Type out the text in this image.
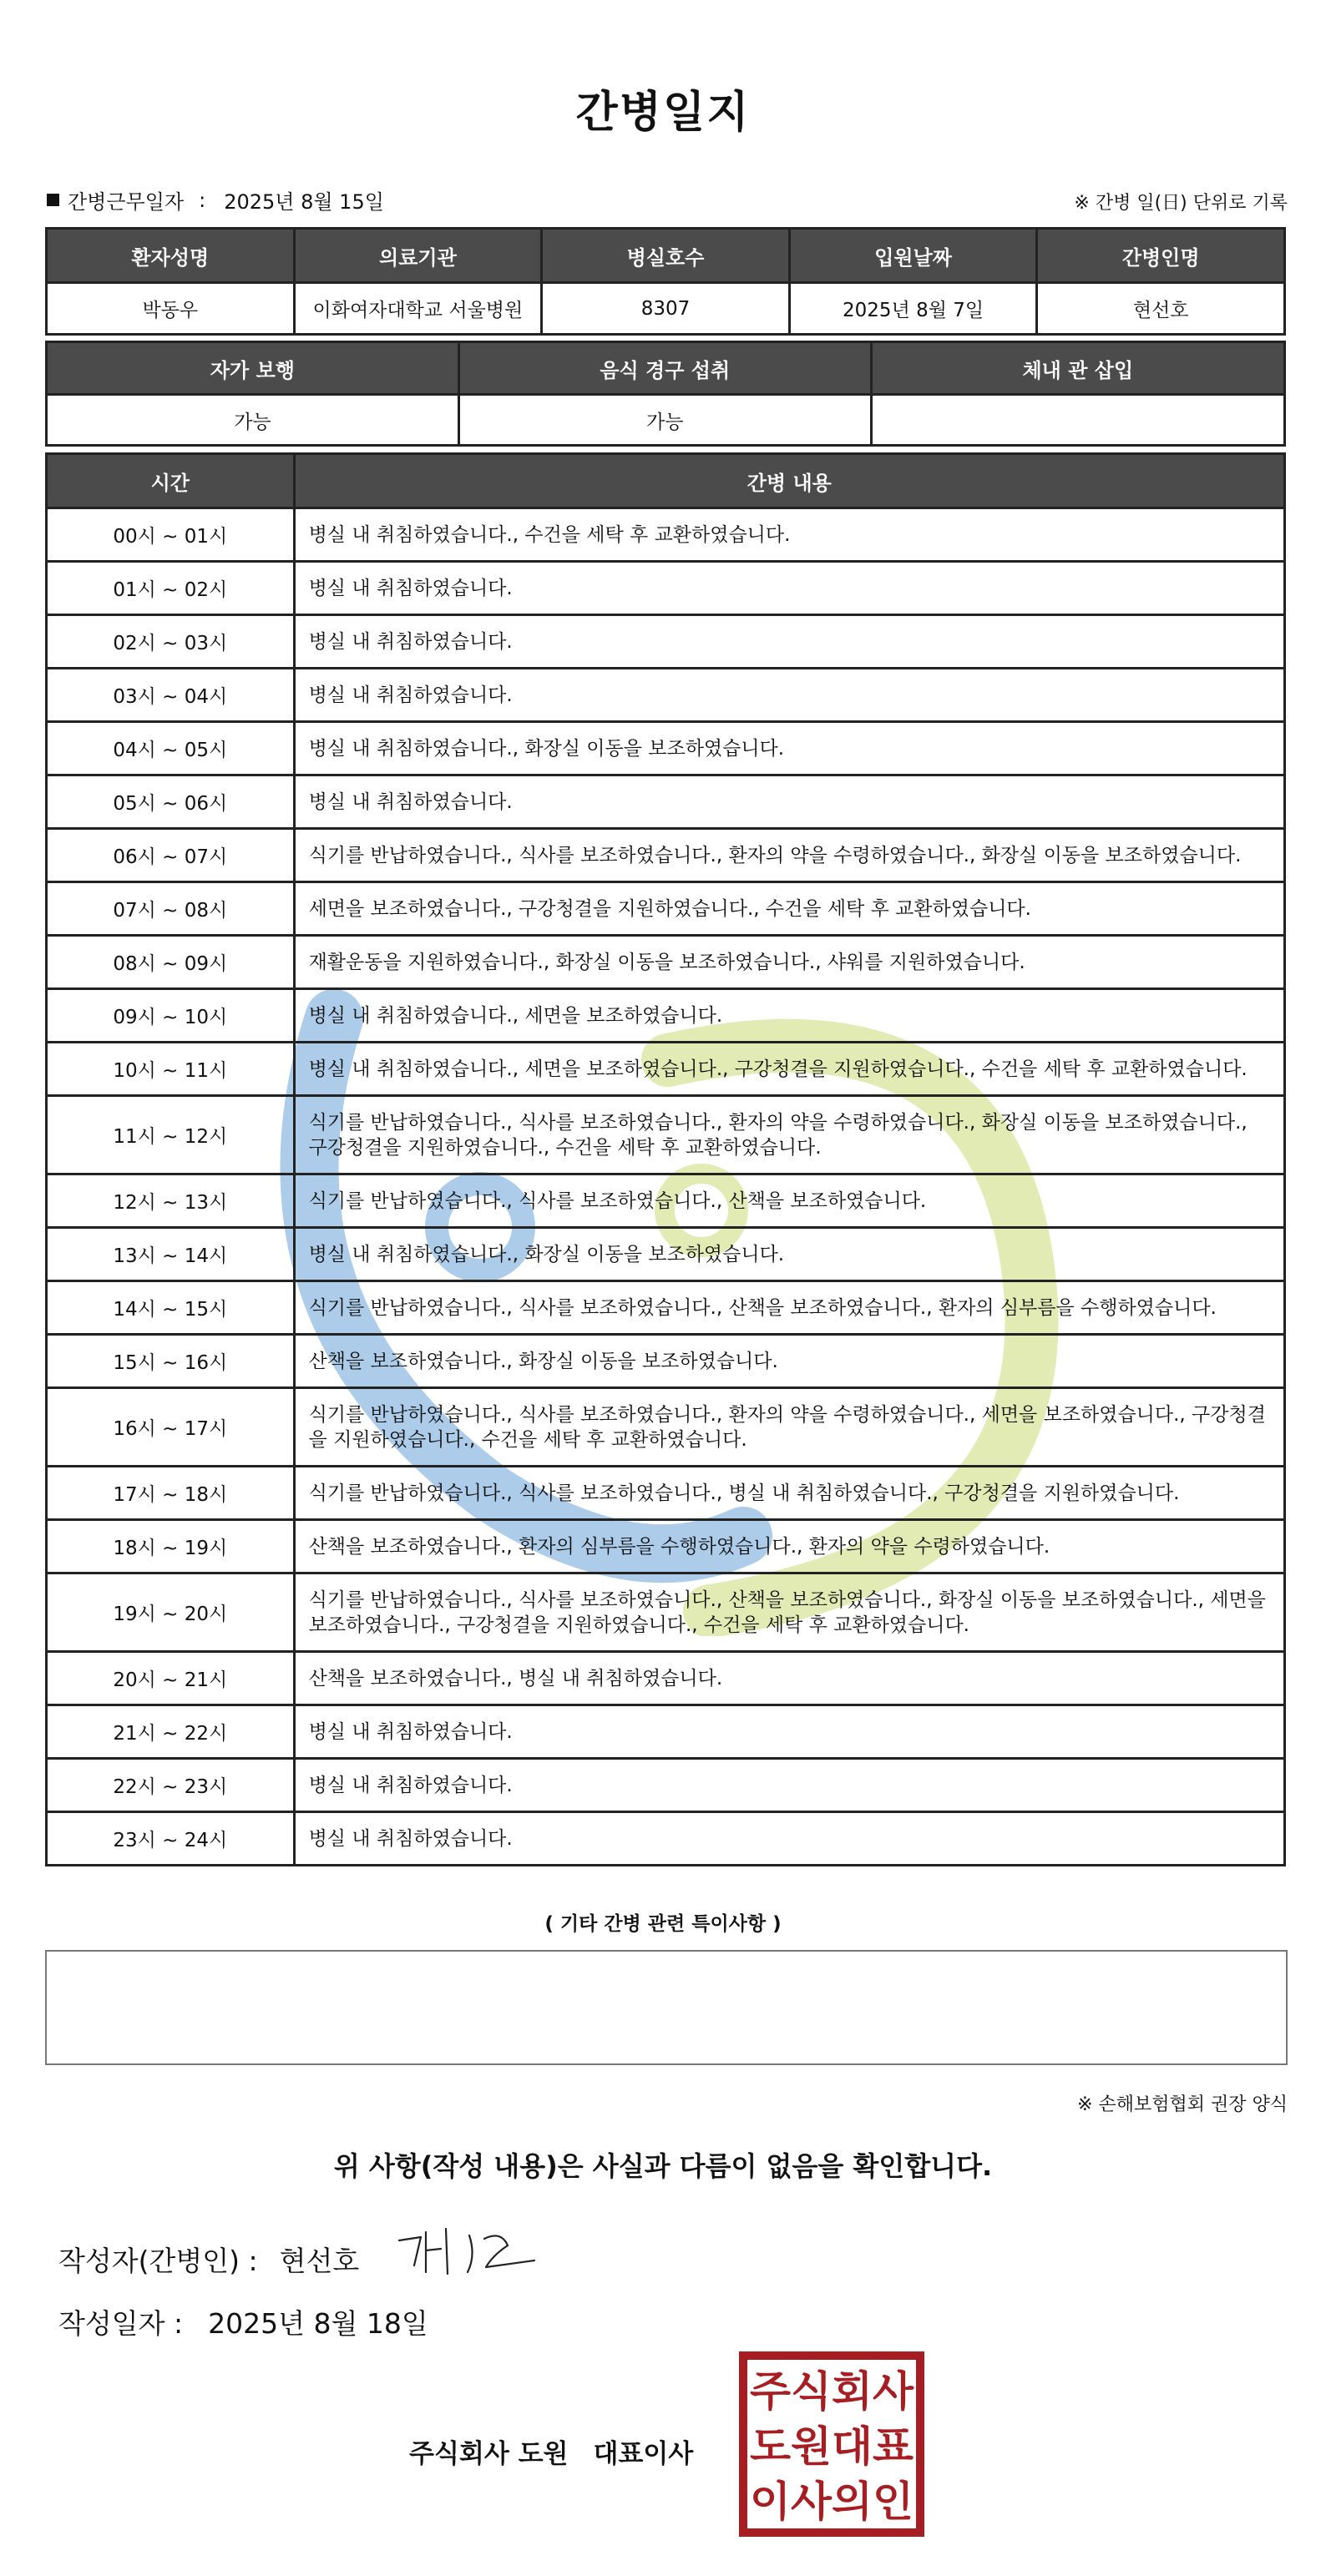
간병일지
간병근무일자 : 2025년 8월 15일	※ 간병 일(日) 단위로 기록
환자성명	의료기관	병실호수	입원날짜	간병인명
박동우	이화여자대학교 서울병원	8307	2025년 8월 7일	현선호
자가 보행	음식 경구 섭취	체내 관 삽입
가능	가능	
시간	간병 내용
00시 ~ 01시	병실 내 취침하였습니다., 수건을 세탁 후 교환하였습니다.
01시 ~ 02시	병실 내 취침하였습니다.
02시 ~ 03시	병실 내 취침하였습니다.
03시 ~ 04시	병실 내 취침하였습니다.
04시 ~ 05시	병실 내 취침하였습니다., 화장실 이동을 보조하였습니다.
05시 ~ 06시	병실 내 취침하였습니다.
06시 ~ 07시	식기를 반납하였습니다., 식사를 보조하였습니다., 환자의 약을 수령하였습니다., 화장실 이동을 보조하였습니다.
07시 ~ 08시	세면을 보조하였습니다., 구강청결을 지원하였습니다., 수건을 세탁 후 교환하였습니다.
08시 ~ 09시	재활운동을 지원하였습니다., 화장실 이동을 보조하였습니다., 샤워를 지원하였습니다.
09시 ~ 10시	병실 내 취침하였습니다., 세면을 보조하였습니다.
10시 ~ 11시	병실 내 취침하였습니다., 세면을 보조하였습니다., 구강청결을 지원하였습니다., 수건을 세탁 후 교환하였습니다.
11시 ~ 12시	식기를 반납하였습니다., 식사를 보조하였습니다., 환자의 약을 수령하였습니다., 화장실 이동을 보조하였습니다., 구강청결을 지원하였습니다., 수건을 세탁 후 교환하였습니다.
12시 ~ 13시	식기를 반납하였습니다., 식사를 보조하였습니다., 산책을 보조하였습니다.
13시 ~ 14시	병실 내 취침하였습니다., 화장실 이동을 보조하였습니다.
14시 ~ 15시	식기를 반납하였습니다., 식사를 보조하였습니다., 산책을 보조하였습니다., 환자의 심부름을 수행하였습니다.
15시 ~ 16시	산책을 보조하였습니다., 화장실 이동을 보조하였습니다.
16시 ~ 17시	식기를 반납하였습니다., 식사를 보조하였습니다., 환자의 약을 수령하였습니다., 세면을 보조하였습니다., 구강청결을 지원하였습니다., 수건을 세탁 후 교환하였습니다.
17시 ~ 18시	식기를 반납하였습니다., 식사를 보조하였습니다., 병실 내 취침하였습니다., 구강청결을 지원하였습니다.
18시 ~ 19시	산책을 보조하였습니다., 환자의 심부름을 수행하였습니다., 환자의 약을 수령하였습니다.
19시 ~ 20시	식기를 반납하였습니다., 식사를 보조하였습니다., 산책을 보조하였습니다., 화장실 이동을 보조하였습니다., 세면을 보조하였습니다., 구강청결을 지원하였습니다., 수건을 세탁 후 교환하였습니다.
20시 ~ 21시	산책을 보조하였습니다., 병실 내 취침하였습니다.
21시 ~ 22시	병실 내 취침하였습니다.
22시 ~ 23시	병실 내 취침하였습니다.
23시 ~ 24시	병실 내 취침하였습니다.
( 기타 간병 관련 특이사항 )
※ 손해보험협회 권장 양식
위 사항(작성 내용)은 사실과 다름이 없음을 확인합니다.
작성자(간병인) : 현선호
작성일자 : 2025년 8월 18일
주식회사 도원 대표이사
주식회사
도원대표
이사의인
